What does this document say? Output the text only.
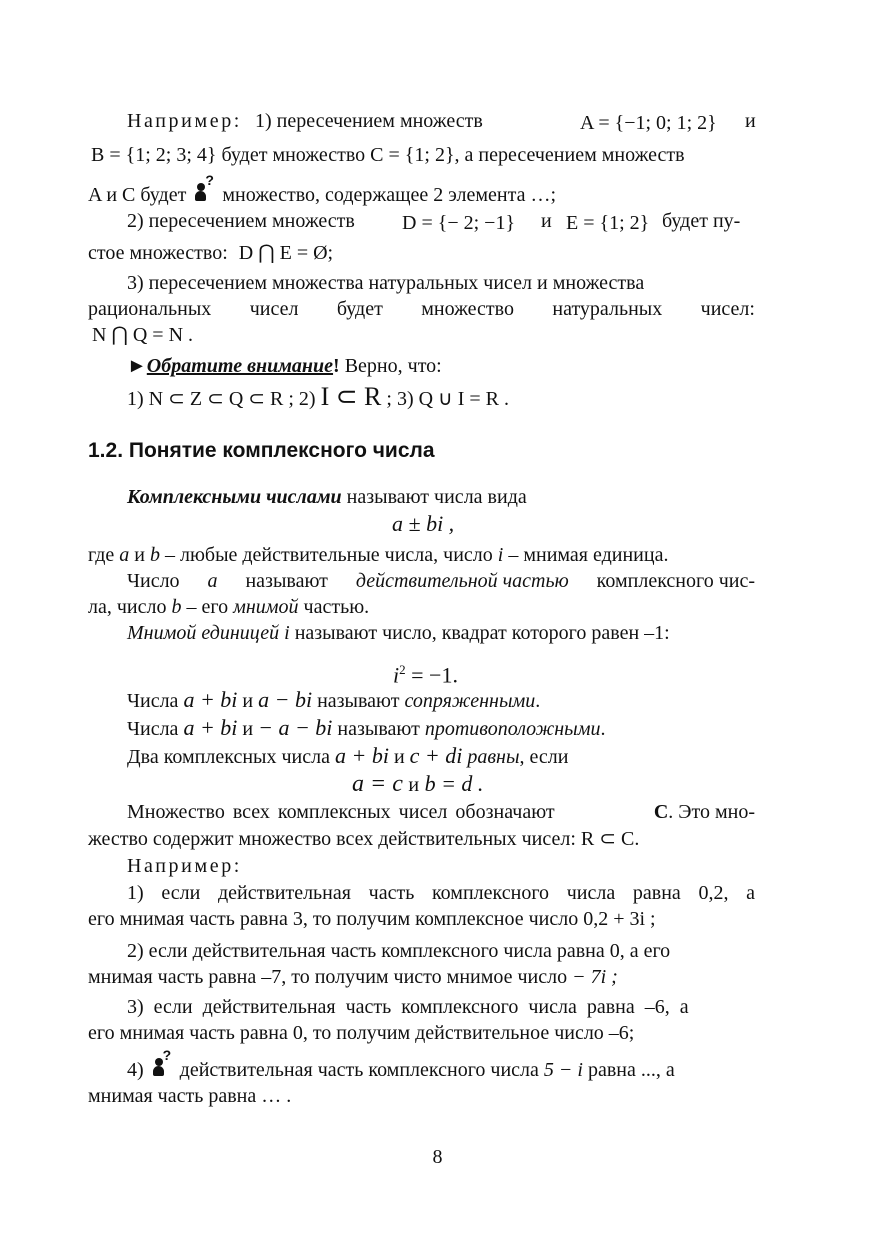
Например: 1) пересечением множеств	A = {−1; 0; 1; 2} и
B = {1; 2; 3; 4} будет множество C = {1; 2}, а пересечением множеств
A и C будет
?
множество, содержащее 2 элемента …;
2) пересечением множеств D = {− 2; −1} и E = {1; 2} будет пу-
стое множество: D ⋂ E = Ø;
3) пересечением множества натуральных чисел и множества
рациональных чисел будет множество натуральных чисел:
N ⋂ Q = N .
►Обратите внимание! Верно, что:
1) N ⊂ Z ⊂ Q ⊂ R ; 2) I ⊂ R ; 3) Q ∪ I = R .
1.2. Понятие комплексного числа
Комплексными числами называют числа вида
a ± bi ,
где a и b – любые действительные числа, число i – мнимая единица.
Число a называют действительной частью комплексного чис-
ла, число b – его мнимой частью.
Мнимой единицей i называют число, квадрат которого равен –1:
$i^2 = -1$.
Числа a + bi и a − bi называют сопряженными.
Числа a + bi и − a − bi называют противоположными.
Два комплексных числа a + bi и c + di равны, если
a = c и b = d .
Множество всех комплексных чисел обозначают	C. Это мно-
жество содержит множество всех действительных чисел: R ⊂ C.
Например:
1) если действительная часть комплексного числа равна 0,2, а
его мнимая часть равна 3, то получим комплексное число 0,2 + 3i ;
2) если действительная часть комплексного числа равна 0, а его
мнимая часть равна –7, то получим чисто мнимое число − 7i ;
3) если действительная часть комплексного числа равна –6, а
его мнимая часть равна 0, то получим действительное число –6;
4)
?
действительная часть комплексного числа 5 − i равна ..., а
мнимая часть равна … .
8
